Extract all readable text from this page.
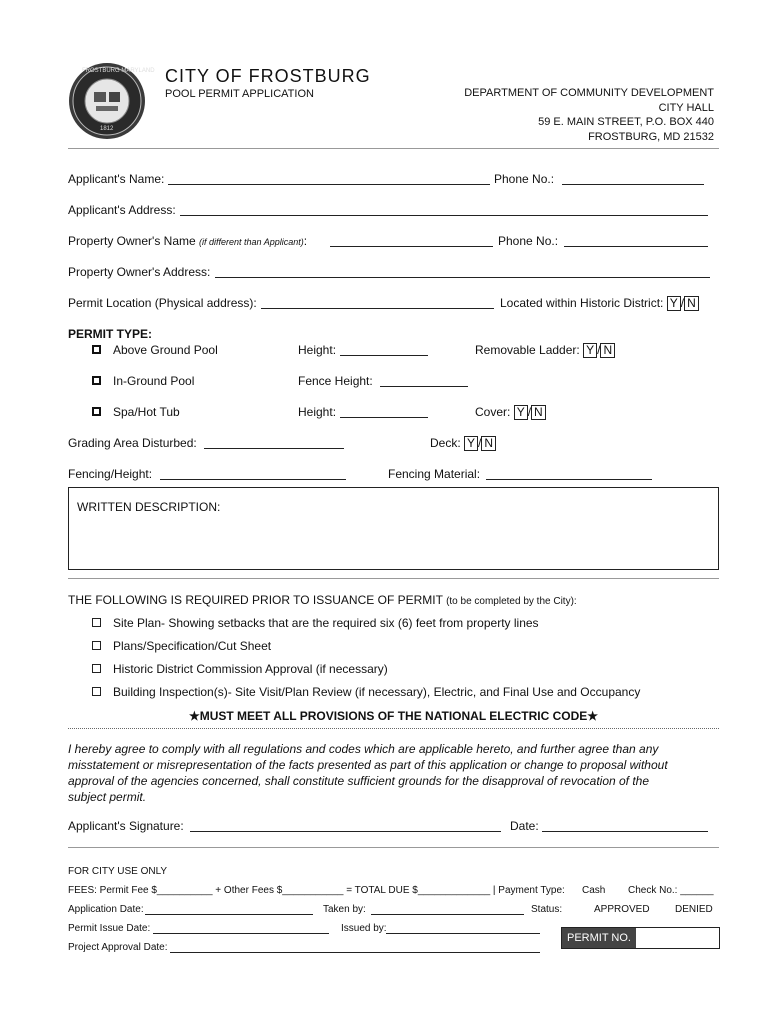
FROSTBURG MARYLAND
1812
CITY OF FROSTBURG
POOL PERMIT APPLICATION	DEPARTMENT OF COMMUNITY DEVELOPMENT
CITY HALL
59 E. MAIN STREET, P.O. BOX 440
FROSTBURG, MD 21532
Applicant's Name:	Phone No.:
Applicant's Address:
Property Owner's Name (if different than Applicant):	Phone No.:
Property Owner's Address:
Permit Location (Physical address):	Located within Historic District: Y / N
PERMIT TYPE:
Above Ground Pool	Height:	Removable Ladder: Y / N
In-Ground Pool	Fence Height:
Spa/Hot Tub	Height:	Cover: Y / N
Grading Area Disturbed:	Deck: Y / N
Fencing/Height:	Fencing Material:
WRITTEN DESCRIPTION:
THE FOLLOWING IS REQUIRED PRIOR TO ISSUANCE OF PERMIT (to be completed by the City):
Site Plan- Showing setbacks that are the required six (6) feet from property lines
Plans/Specification/Cut Sheet
Historic District Commission Approval (if necessary)
Building Inspection(s)- Site Visit/Plan Review (if necessary), Electric, and Final Use and Occupancy
★MUST MEET ALL PROVISIONS OF THE NATIONAL ELECTRIC CODE★
I hereby agree to comply with all regulations and codes which are applicable hereto, and further agree than any
misstatement or misrepresentation of the facts presented as part of this application or change to proposal without
approval of the agencies concerned, shall constitute sufficient grounds for the disapproval of revocation of the
subject permit.
Applicant's Signature:	Date:
FOR CITY USE ONLY
FEES: Permit Fee $__________ + Other Fees $___________ = TOTAL DUE $_____________ | Payment Type: Cash Check No.: ______
Application Date:	Taken by:	Status:	APPROVED	DENIED
Permit Issue Date:	Issued by:
PERMIT NO.
Project Approval Date:
